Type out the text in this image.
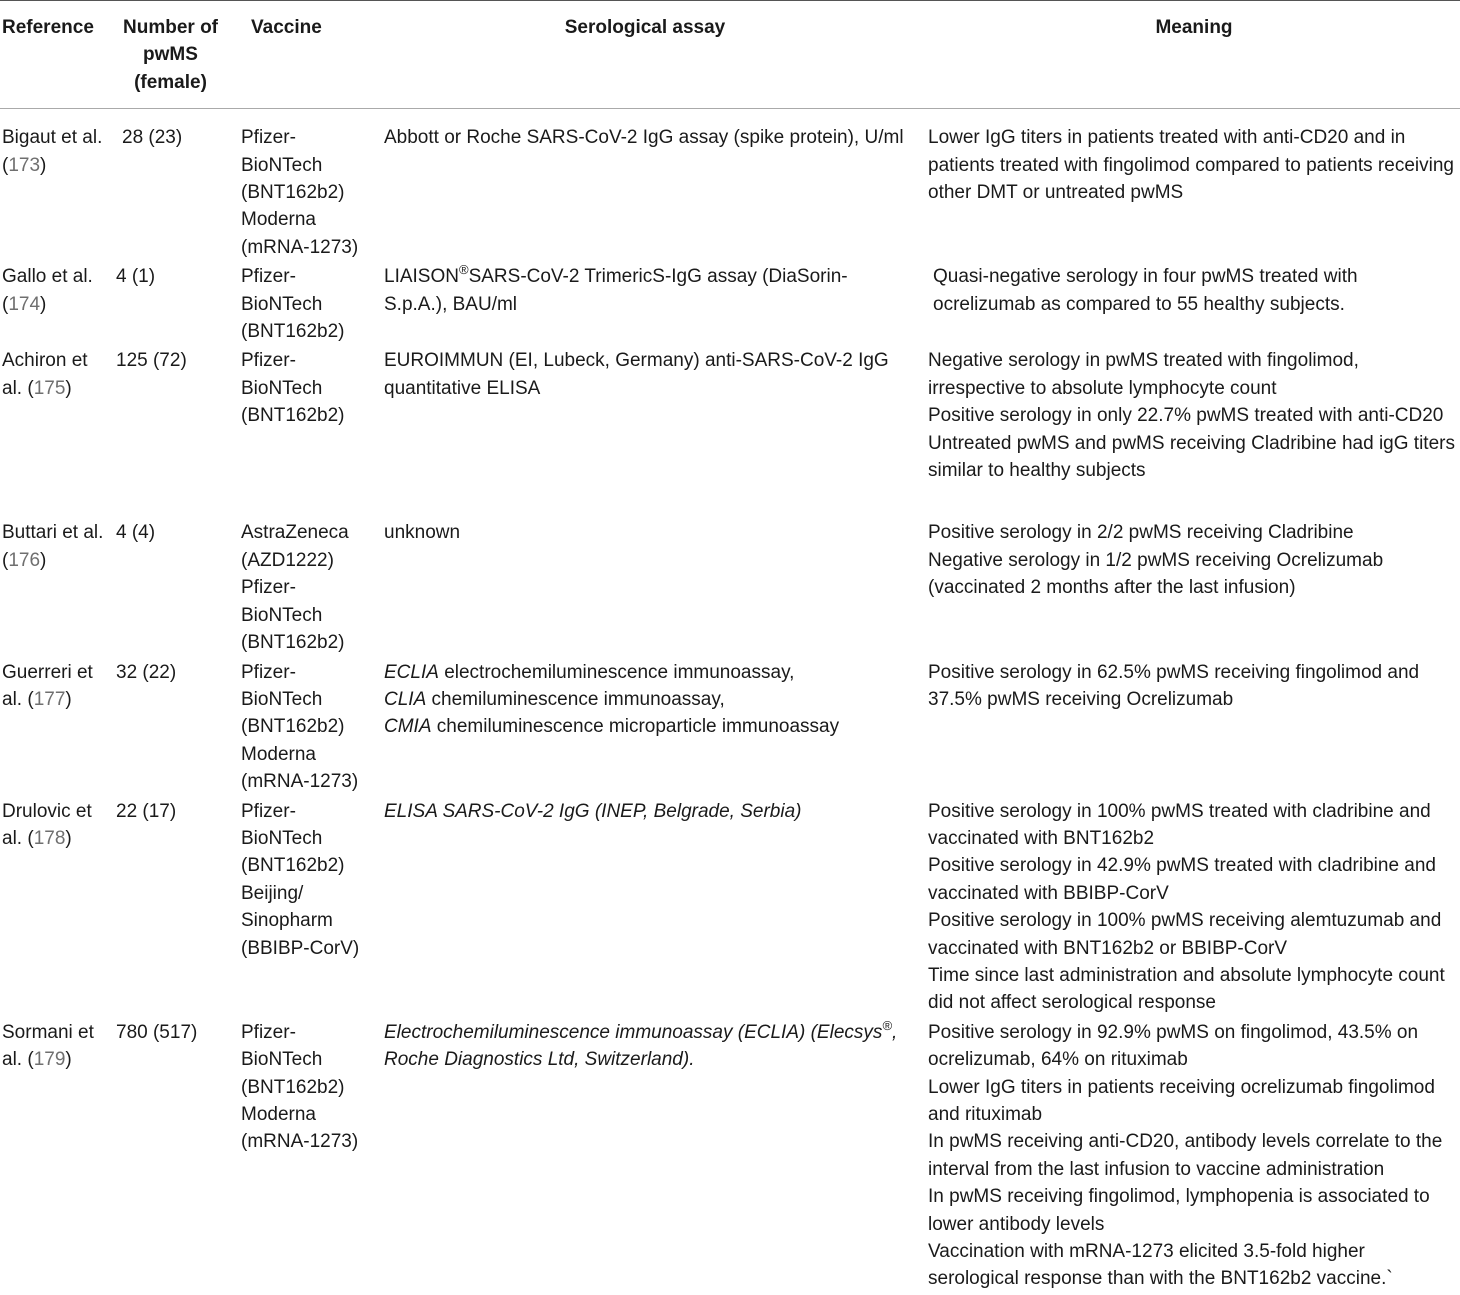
Reference	Number of pwMS (female)	Vaccine	Serological assay	Meaning
Bigaut et al. (173)	28 (23)	Pfizer-BioNTech (BNT162b2) Moderna (mRNA-1273)	Abbott or Roche SARS-CoV-2 IgG assay (spike protein), U/ml	Lower IgG titers in patients treated with anti-CD20 and in patients treated with fingolimod compared to patients receiving other DMT or untreated pwMS

Gallo et al. (174)	4 (1)	Pfizer-BioNTech (BNT162b2)	LIAISON®SARS-CoV-2 TrimericS-IgG assay (DiaSorin-S.p.A.), BAU/ml	Quasi-negative serology in four pwMS treated with ocrelizumab as compared to 55 healthy subjects.

Achiron et al. (175)	125 (72)	Pfizer-BioNTech (BNT162b2)	EUROIMMUN (EI, Lubeck, Germany) anti-SARS-CoV-2 IgG quantitative ELISA	Negative serology in pwMS treated with fingolimod, irrespective to absolute lymphocyte count
Positive serology in only 22.7% pwMS treated with anti-CD20
Untreated pwMS and pwMS receiving Cladribine had igG titers similar to healthy subjects

Buttari et al. (176)	4 (4)	AstraZeneca (AZD1222) Pfizer-BioNTech (BNT162b2)	unknown	Positive serology in 2/2 pwMS receiving Cladribine
Negative serology in 1/2 pwMS receiving Ocrelizumab (vaccinated 2 months after the last infusion)

Guerreri et al. (177)	32 (22)	Pfizer-BioNTech (BNT162b2) Moderna (mRNA-1273)	ECLIA electrochemiluminescence immunoassay,
CLIA chemiluminescence immunoassay,
CMIA chemiluminescence microparticle immunoassay	Positive serology in 62.5% pwMS receiving fingolimod and 37.5% pwMS receiving Ocrelizumab

Drulovic et al. (178)	22 (17)	Pfizer-BioNTech (BNT162b2) Beijing/ Sinopharm (BBIBP-CorV)	ELISA SARS-CoV-2 IgG (INEP, Belgrade, Serbia)	Positive serology in 100% pwMS treated with cladribine and vaccinated with BNT162b2
Positive serology in 42.9% pwMS treated with cladribine and vaccinated with BBIBP-CorV
Positive serology in 100% pwMS receiving alemtuzumab and vaccinated with BNT162b2 or BBIBP-CorV
Time since last administration and absolute lymphocyte count did not affect serological response

Sormani et al. (179)	780 (517)	Pfizer-BioNTech (BNT162b2) Moderna (mRNA-1273)	Electrochemiluminescence immunoassay (ECLIA) (Elecsys®, Roche Diagnostics Ltd, Switzerland).	Positive serology in 92.9% pwMS on fingolimod, 43.5% on ocrelizumab, 64% on rituximab
Lower IgG titers in patients receiving ocrelizumab fingolimod and rituximab
In pwMS receiving anti-CD20, antibody levels correlate to the interval from the last infusion to vaccine administration
In pwMS receiving fingolimod, lymphopenia is associated to lower antibody levels
Vaccination with mRNA-1273 elicited 3.5-fold higher serological response than with the BNT162b2 vaccine.`
